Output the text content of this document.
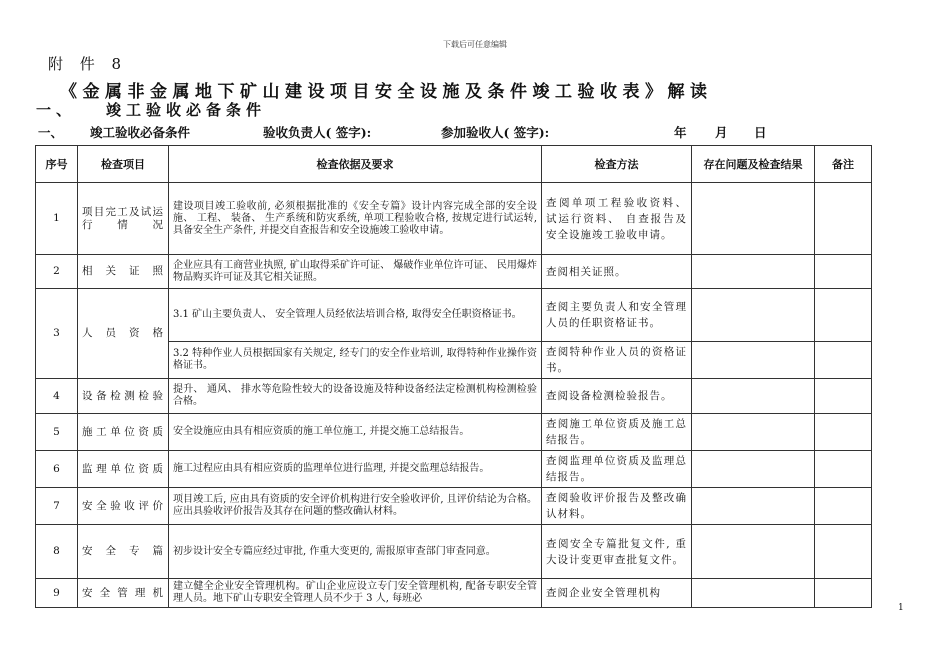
下载后可任意编辑
附 件 8
《金属非金属地下矿山建设项目安全设施及条件竣工验收表》解读
一、 竣工验收必备条件
一、 竣工验收必备条件	验收负责人( 签字):	参加验收人( 签字):	年 月 日
序号	检查项目	检查依据及要求	检查方法	存在问题及检查结果	备注
1	项目完工及试运行情况	建设项目竣工验收前, 必须根据批准的《安全专篇》设计内容完成全部的安全设施、 工程、 装备、 生产系统和防灾系统, 单项工程验收合格, 按规定进行试运转, 具备安全生产条件, 并提交自查报告和安全设施竣工验收申请。	查阅单项工程验收资料、 试运行资料、 自查报告及安全设施竣工验收申请。		
2	相关证照	企业应具有工商营业执照, 矿山取得采矿许可证、 爆破作业单位许可证、 民用爆炸物品购买许可证及其它相关证照。	查阅相关证照。		
3	人员资格	3.1 矿山主要负责人、 安全管理人员经依法培训合格, 取得安全任职资格证书。	查阅主要负责人和安全管理人员的任职资格证书。		
		3.2 特种作业人员根据国家有关规定, 经专门的安全作业培训, 取得特种作业操作资格证书。	查阅特种作业人员的资格证书。		
4	设备检测检验	提升、 通风、 排水等危险性较大的设备设施及特种设备经法定检测机构检测检验合格。	查阅设备检测检验报告。		
5	施工单位资质	安全设施应由具有相应资质的施工单位施工, 并提交施工总结报告。	查阅施工单位资质及施工总结报告。		
6	监理单位资质	施工过程应由具有相应资质的监理单位进行监理, 并提交监理总结报告。	查阅监理单位资质及监理总结报告。		
7	安全验收评价	项目竣工后, 应由具有资质的安全评价机构进行安全验收评价, 且评价结论为合格。应出具验收评价报告及其存在问题的整改确认材料。	查阅验收评价报告及整改确认材料。		
8	安全专篇	初步设计安全专篇应经过审批, 作重大变更的, 需报原审查部门审查同意。	查阅安全专篇批复文件, 重大设计变更审查批复文件。		
9	安全管理机	建立健全企业安全管理机构。矿山企业应设立专门安全管理机构, 配备专职安全管理人员。地下矿山专职安全管理人员不少于 3 人, 每班必	查阅企业安全管理机构		
1
